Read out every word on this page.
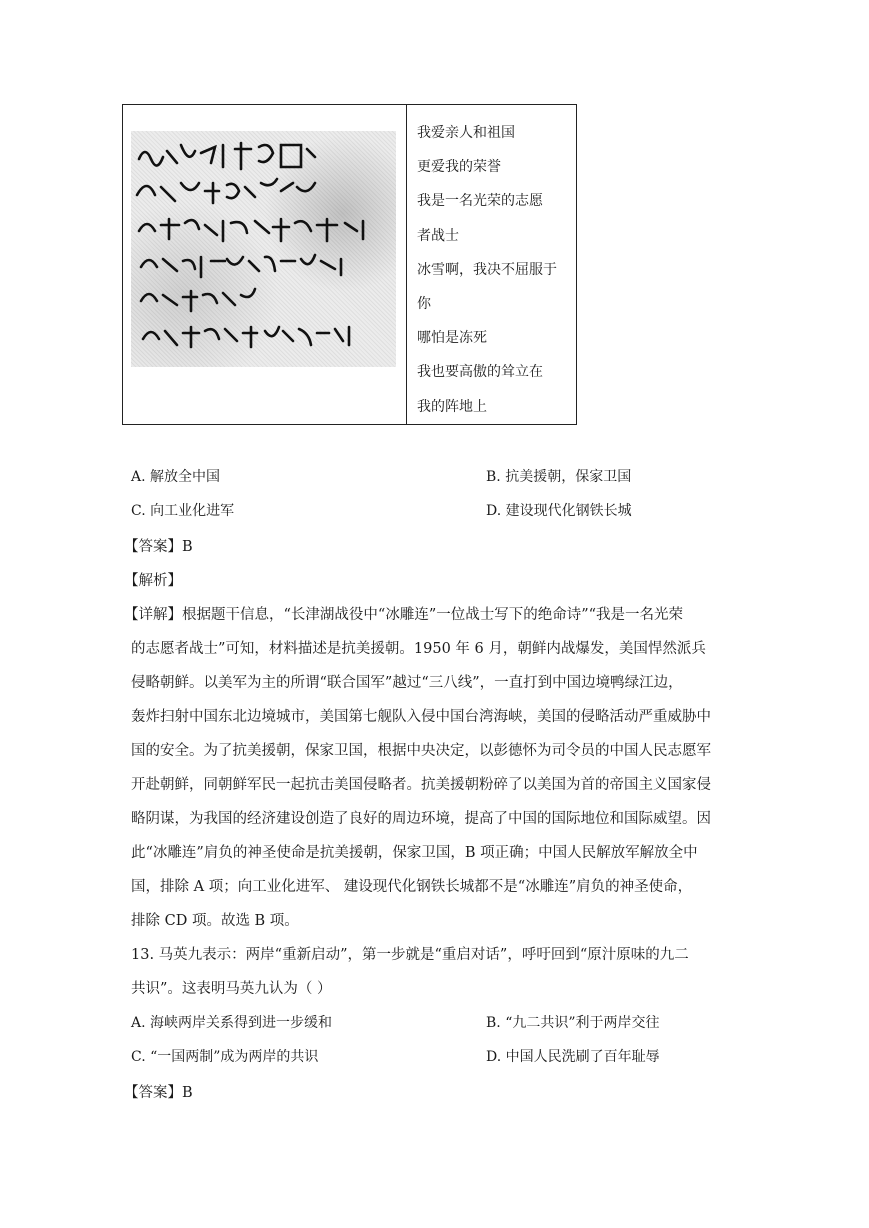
我爱亲人和祖国
更爱我的荣誉
我是一名光荣的志愿
者战士
冰雪啊，我决不屈服于
你
哪怕是冻死
我也要高傲的耸立在
我的阵地上
A. 解放全中国	B. 抗美援朝，保家卫国
C. 向工业化进军	D. 建设现代化钢铁长城
【答案】B
【解析】
【详解】根据题干信息，“长津湖战役中“冰雕连”一位战士写下的绝命诗”“我是一名光荣
的志愿者战士”可知，材料描述是抗美援朝。1950 年 6 月，朝鲜内战爆发，美国悍然派兵
侵略朝鲜。以美军为主的所谓“联合国军”越过“三八线”，一直打到中国边境鸭绿江边，
轰炸扫射中国东北边境城市，美国第七舰队入侵中国台湾海峡，美国的侵略活动严重威胁中
国的安全。为了抗美援朝，保家卫国，根据中央决定，以彭德怀为司令员的中国人民志愿军
开赴朝鲜，同朝鲜军民一起抗击美国侵略者。抗美援朝粉碎了以美国为首的帝国主义国家侵
略阴谋，为我国的经济建设创造了良好的周边环境，提高了中国的国际地位和国际威望。因
此“冰雕连”肩负的神圣使命是抗美援朝，保家卫国，B 项正确；中国人民解放军解放全中
国，排除 A 项；向工业化进军、 建设现代化钢铁长城都不是“冰雕连”肩负的神圣使命，
排除 CD 项。故选 B 项。
13. 马英九表示：两岸“重新启动”，第一步就是“重启对话”，呼吁回到“原汁原味的九二
共识”。这表明马英九认为（ ）
A. 海峡两岸关系得到进一步缓和	B. “九二共识”利于两岸交往
C. “一国两制”成为两岸的共识	D. 中国人民洗刷了百年耻辱
【答案】B
